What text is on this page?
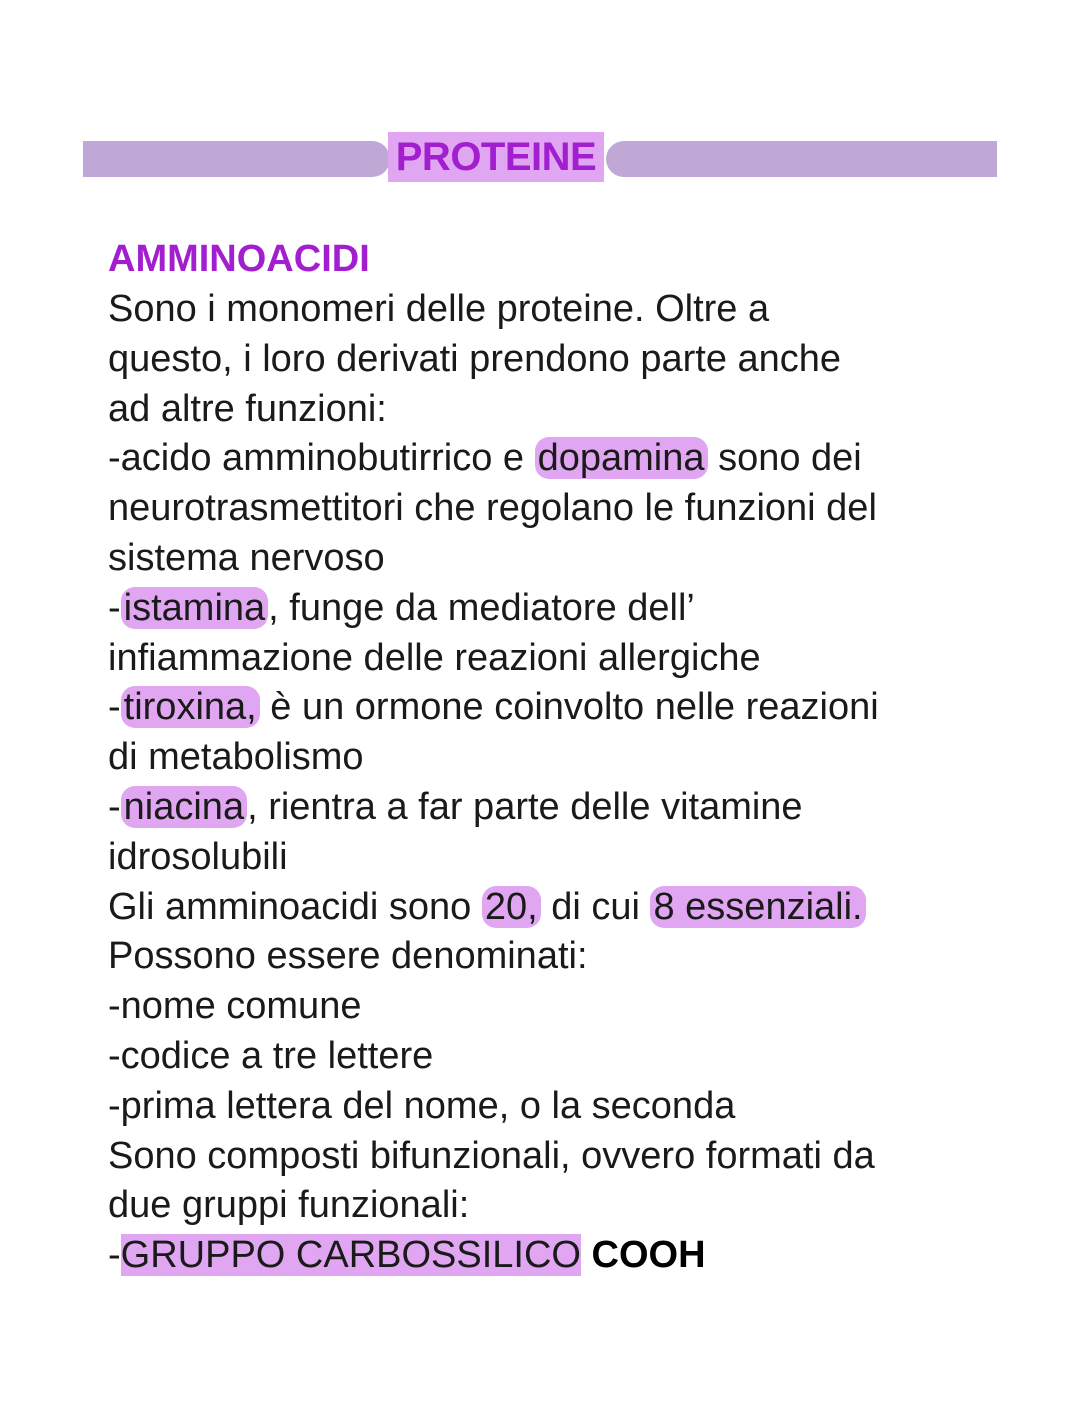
PROTEINE
AMMINOACIDI
Sono i monomeri delle proteine. Oltre a
questo, i loro derivati prendono parte anche
ad altre funzioni:
-acido amminobutirrico e dopamina sono dei
neurotrasmettitori che regolano le funzioni del
sistema nervoso
-istamina, funge da mediatore dell’
infiammazione delle reazioni allergiche
-tiroxina, è un ormone coinvolto nelle reazioni
di metabolismo
-niacina, rientra a far parte delle vitamine
idrosolubili
Gli amminoacidi sono 20, di cui 8 essenziali.
Possono essere denominati:
-nome comune
-codice a tre lettere
-prima lettera del nome, o la seconda
Sono composti bifunzionali, ovvero formati da
due gruppi funzionali:
-GRUPPO CARBOSSILICO COOH
